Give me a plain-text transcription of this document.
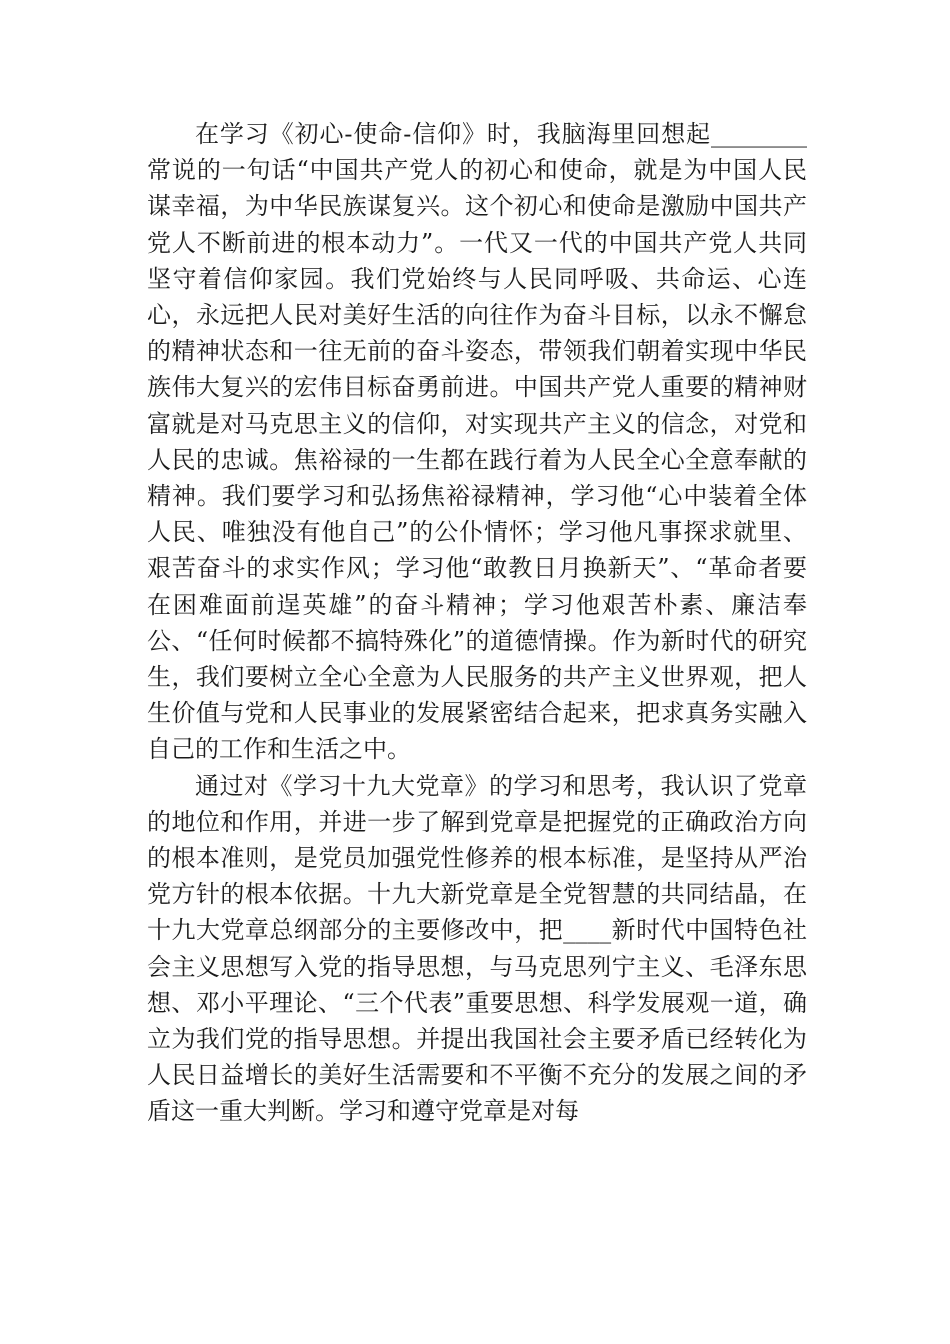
在学习《初心-使命-信仰》时，我脑海里回想起________常说的一句话“中国共产党人的初心和使命，就是为中国人民谋幸福，为中华民族谋复兴。这个初心和使命是激励中国共产党人不断前进的根本动力”。一代又一代的中国共产党人共同坚守着信仰家园。我们党始终与人民同呼吸、共命运、心连心，永远把人民对美好生活的向往作为奋斗目标，以永不懈怠的精神状态和一往无前的奋斗姿态，带领我们朝着实现中华民族伟大复兴的宏伟目标奋勇前进。中国共产党人重要的精神财富就是对马克思主义的信仰，对实现共产主义的信念，对党和人民的忠诚。焦裕禄的一生都在践行着为人民全心全意奉献的精神。我们要学习和弘扬焦裕禄精神，学习他“心中装着全体人民、唯独没有他自己”的公仆情怀；学习他凡事探求就里、艰苦奋斗的求实作风；学习他“敢教日月换新天”、“革命者要在困难面前逞英雄”的奋斗精神；学习他艰苦朴素、廉洁奉公、“任何时候都不搞特殊化”的道德情操。作为新时代的研究生，我们要树立全心全意为人民服务的共产主义世界观，把人生价值与党和人民事业的发展紧密结合起来，把求真务实融入自己的工作和生活之中。

通过对《学习十九大党章》的学习和思考，我认识了党章的地位和作用，并进一步了解到党章是把握党的正确政治方向的根本准则，是党员加强党性修养的根本标准，是坚持从严治党方针的根本依据。十九大新党章是全党智慧的共同结晶，在十九大党章总纲部分的主要修改中，把____新时代中国特色社会主义思想写入党的指导思想，与马克思列宁主义、毛泽东思想、邓小平理论、“三个代表”重要思想、科学发展观一道，确立为我们党的指导思想。并提出我国社会主要矛盾已经转化为人民日益增长的美好生活需要和不平衡不充分的发展之间的矛盾这一重大判断。学习和遵守党章是对每
